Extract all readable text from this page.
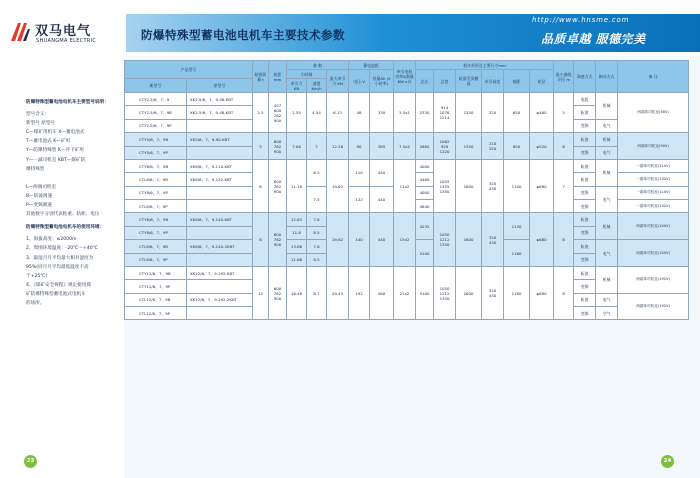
双马电气
SHUANGMA ELECTRIC	防爆特殊型蓄电池电机车主要技术参数
http://www.hnsme.com
品质卓越 服德完美
防爆特殊型蓄电池电机车主要型号说明：
型号含义：
新型号 原型号
C—煤矿用机车 X—蓄电池式
T—蓄电池式 K—矿用
Y—防爆特殊型 K—井下矿用
Y—一减司机室 KBT—煤矿防
爆特殊型

L—两端司机室
B—斩波调速
P—变频调速
其他数字分别代表粘重、轨距、电压
防爆特殊型蓄电池电机车的使用环境：
1、海拔高度：≤2000m
2、周围环境温度：-20℃～+40℃
3、最湿月月平均最大相对湿度为
95%(同月月平均最低温度不高
于+25℃)
4、《煤矿安全规程》规定使用煤
矿防爆特殊型蓄电池式电机车
的场所。
产品型号		粘着质量 t	轨距 mm	参 数			蓄电池组		牵引电机功率&数量 KW x台	机车外形及主要尺寸mm						最小曲线半径 m	调速方式	制动方式	备 注
				小时制		最大牵引力 KN	电压 V	容量Ah (5小时率)		总长	总宽	轨面至顶棚高	牵引高度	轴距	轮径				
新型号	原型号			牵引力 KN	速度 Km/h														
CTY2.5/6、7、9	XK2.5/6、7、9-48-KBT	2.5	457
600
762
900	2.55	4.54	6.13	48	330	3.5x1	2330	914
1076
1214	1550	320	650	φ460	5	电阻	机械	两端单司机室(48V)
CTY2.5/6、7、9B	XK2.5/6、7、9-48-KBT																斩波		
CTY2.5/6、7、9P																	变频	电气	
CTY5/6、7、9B	XK5/6、7、9-90-KBT	5	600
762
900	7.06	7	12.26	90	385	7.5x2	2885	1062
920
1220	1550	210
320	850	φ520	6	斩波	机械	两端单司机室(90V)
CTY5/6、7、9P																	变频	电气	
CTY8/6、7、9B	XK8/6、7、9-110-KBT	8	600
762
900	11.18	6.2	19.62	110	440	11x2	4000	1055
1355
1350	1600	320
430	1100	φ680	7	斩波	机械	一端单司机室(110V)
CTL8/6、7、9B	XK8/6、7、9-132-KBT									4460							斩波		一端单司机室(132V)
CTY8/6、7、9P					7.5		132	440		4000							变频	电气	一端单司机室(110V)
CTL8/6、7、9P										4640							变频		一端单司机室(132V)
CTY8/6、7、9B	XK8/6、7、9-140-KBT	8	600
762
900	12.83	7.8	19.62	140	440	15x2	4235	1050
1212
1350	1600	320
430	1130	φ680	8	斩波	机械	两端单司机室(140V)
CTY8/6、7、9P				11.8	8.5												变频		
CTL8/6、7、9B	XK8/6、7、9-140-2KBT			13.86	7.8					5100				1160			斩波	电气	两端单司机室(140V)
CTL8/6、7、9P				11.86	8.5												变频		
CTY12/6、7、9B	XK12/6、7、9-192-KBT	12	600
762
900	16.48	8.7	29.43	192	560	22x2	5100	1050
1212
1350	1600	320
430	1180	φ680	8	斩波	机械	两端单司机室(192V)
CTY12/6、7、9P																	变频		
CTL12/6、7、9B	XK12/6、7、9-192-2KBT																斩波	电气	两端单司机室(192V)
CTL12/6、7、9P																	变频	空气	
23	24
